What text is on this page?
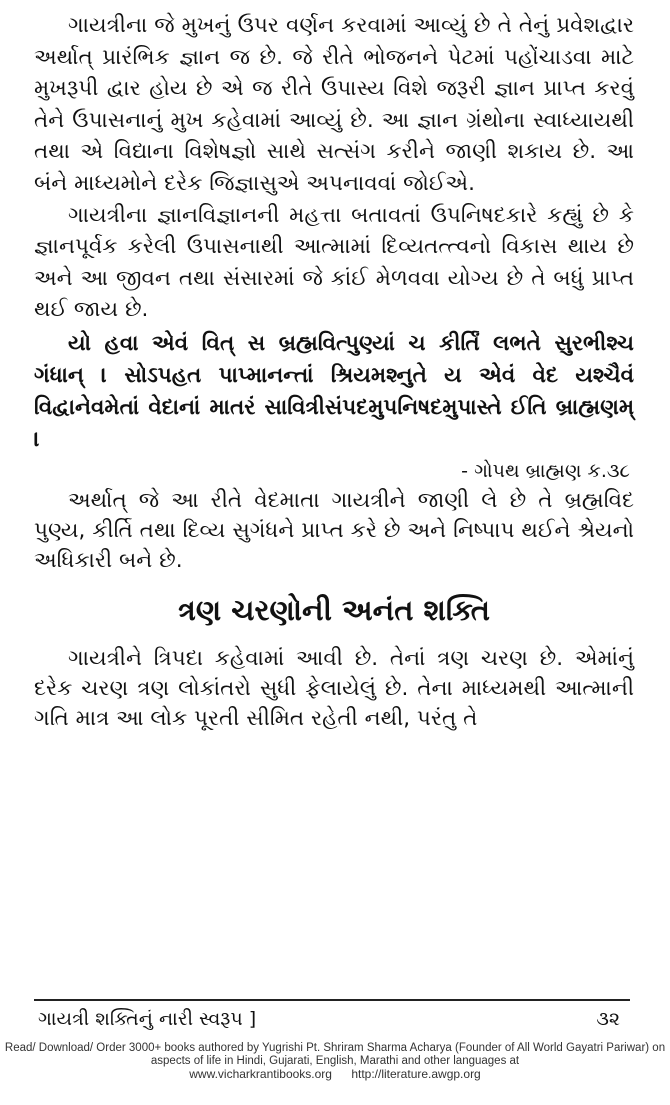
ગાયત્રીના જે મુખનું ઉપર વર્ણન કરવામાં આવ્યું છે તે તેનું પ્રવેશદ્વાર અર્થાત્ પ્રારંભિક જ્ઞાન જ છે. જે રીતે ભોજનને પેટમાં પહોંચાડવા માટે મુખરૂપી દ્વાર હોય છે એ જ રીતે ઉપાસ્ય વિશે જરૂરી જ્ઞાન પ્રાપ્ત કરવું તેને ઉપાસનાનું મુખ કહેવામાં આવ્યું છે. આ જ્ઞાન ગ્રંથોના સ્વાધ્યાયથી તથા એ વિદ્યાના વિશેષજ્ઞો સાથે સત્સંગ કરીને જાણી શકાય છે. આ બંને માધ્યમોને દરેક જિજ્ઞાસુએ અપનાવવાં જોઈએ.

ગાયત્રીના જ્ઞાનવિજ્ઞાનની મહત્તા બતાવતાં ઉપનિષદકારે કહ્યું છે કે જ્ઞાનપૂર્વક કરેલી ઉપાસનાથી આત્મામાં દિવ્યતત્ત્વનો વિકાસ થાય છે અને આ જીવન તથા સંસારમાં જે કાંઈ મેળવવા યોગ્ય છે તે બધું પ્રાપ્ત થઈ જાય છે.

યો હવા એવં વિત્ સ બ્રહ્મવિત્પુણ્યાં ચ કીર્તિં લભતે સુરભીશ્ચ ગંધાન્ । સોઽપહત પાપ્માનન્તાં શ્રિયમશ્નુતે ય એવં વેદ યશ્ચૈવં વિદ્વાનેવમેતાં વેદાનાં માતરં સાવિત્રીસંપદમુપનિષદમુપાસ્તે ઈતિ બ્રાહ્મણમ્ ।

- ગોપથ બ્રાહ્મણ ક.૩૮

અર્થાત્ જે આ રીતે વેદમાતા ગાયત્રીને જાણી લે છે તે બ્રહ્મવિદ પુણ્ય, કીર્તિ તથા દિવ્ય સુગંધને પ્રાપ્ત કરે છે અને નિષ્પાપ થઈને શ્રેયનો અધિકારી બને છે.

ત્રણ ચરણોની અનંત શક્તિ

ગાયત્રીને ત્રિપદા કહેવામાં આવી છે. તેનાં ત્રણ ચરણ છે. એમાંનું દરેક ચરણ ત્રણ લોકાંતરો સુધી ફેલાયેલું છે. તેના માધ્યમથી આત્માની ગતિ માત્ર આ લોક પૂરતી સીમિત રહેતી નથી, પરંતુ તે

ગાયત્રી શક્તિનું નારી સ્વરૂપ ]	૩૨
Read/ Download/ Order 3000+ books authored by Yugrishi Pt. Shriram Sharma Acharya (Founder of All World Gayatri Pariwar) on aspects of life in Hindi, Gujarati, English, Marathi and other languages at
www.vicharkrantibooks.org http://literature.awgp.org
